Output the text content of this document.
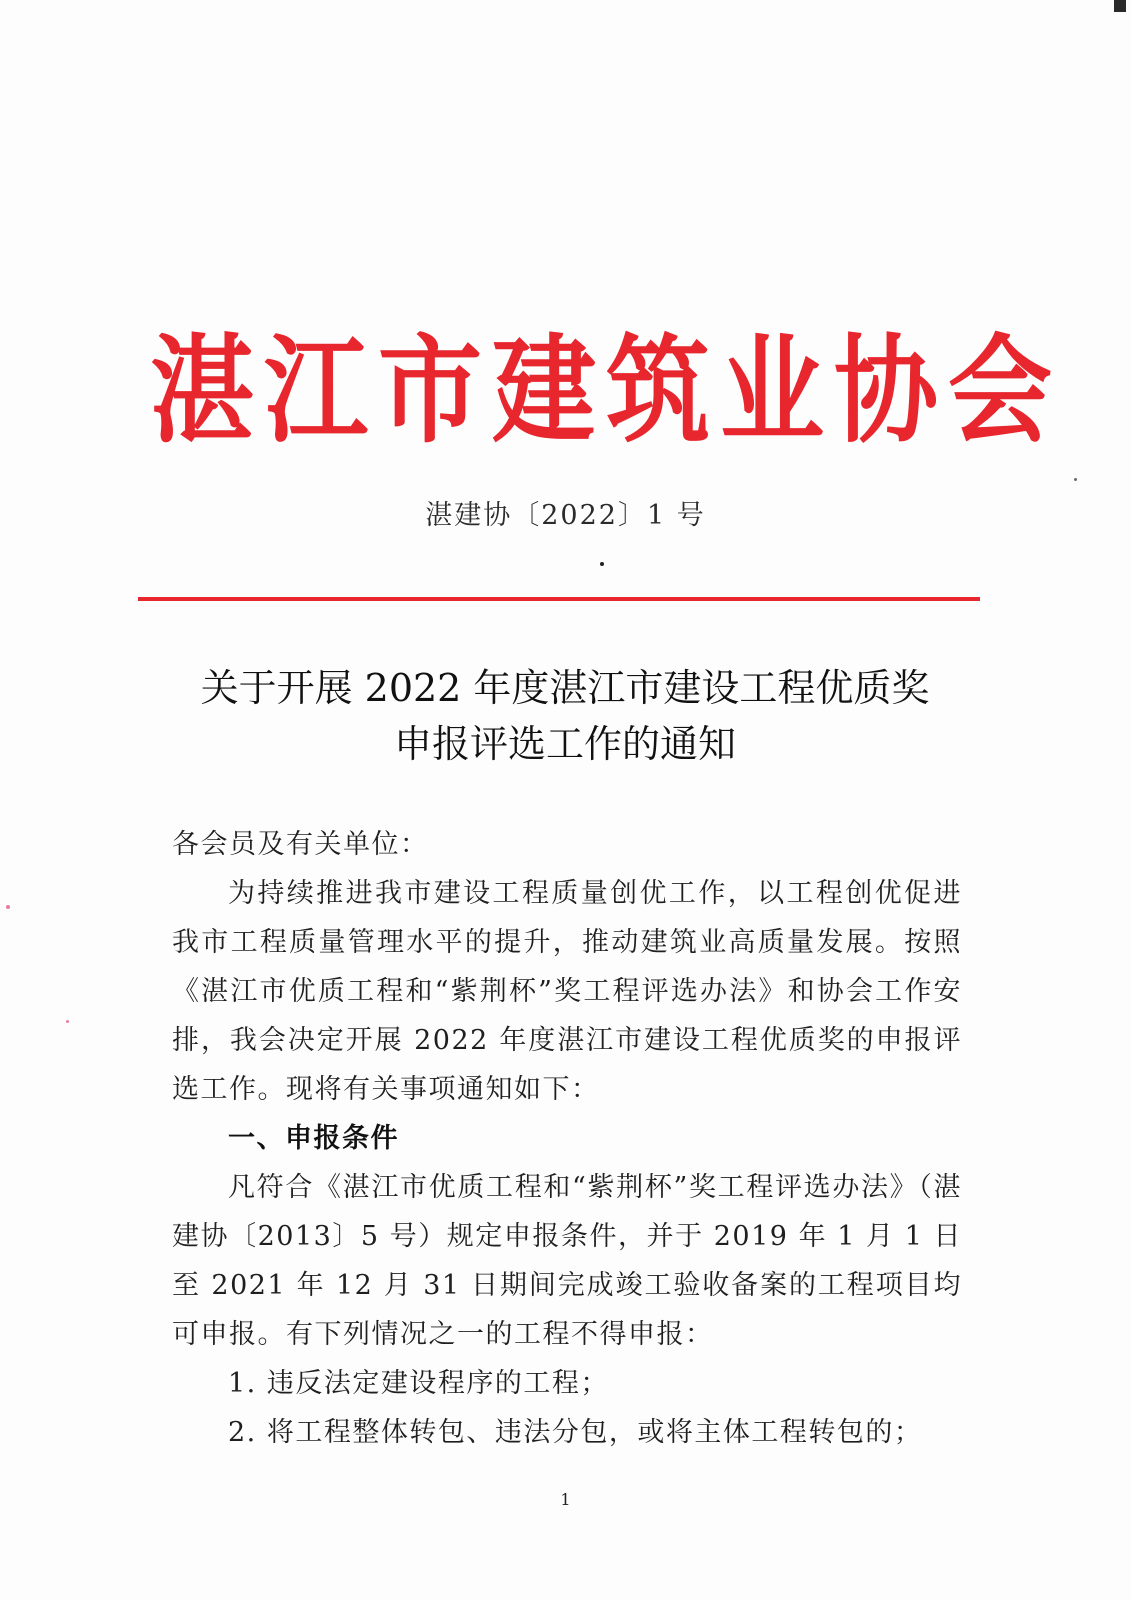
湛江市建筑业协会
湛建协〔2022〕1 号
关于开展 2022 年度湛江市建设工程优质奖
申报评选工作的通知

各会员及有关单位：

为持续推进我市建设工程质量创优工作，以工程创优促进我市工程质量管理水平的提升，推动建筑业高质量发展。按照《湛江市优质工程和“紫荆杯”奖工程评选办法》和协会工作安排，我会决定开展 2022 年度湛江市建设工程优质奖的申报评选工作。现将有关事项通知如下：

一、申报条件

凡符合《湛江市优质工程和“紫荆杯”奖工程评选办法》（湛建协〔2013〕5 号）规定申报条件，并于 2019 年 1 月 1 日至 2021 年 12 月 31 日期间完成竣工验收备案的工程项目均可申报。有下列情况之一的工程不得申报：

1. 违反法定建设程序的工程；

2. 将工程整体转包、违法分包，或将主体工程转包的；

1
